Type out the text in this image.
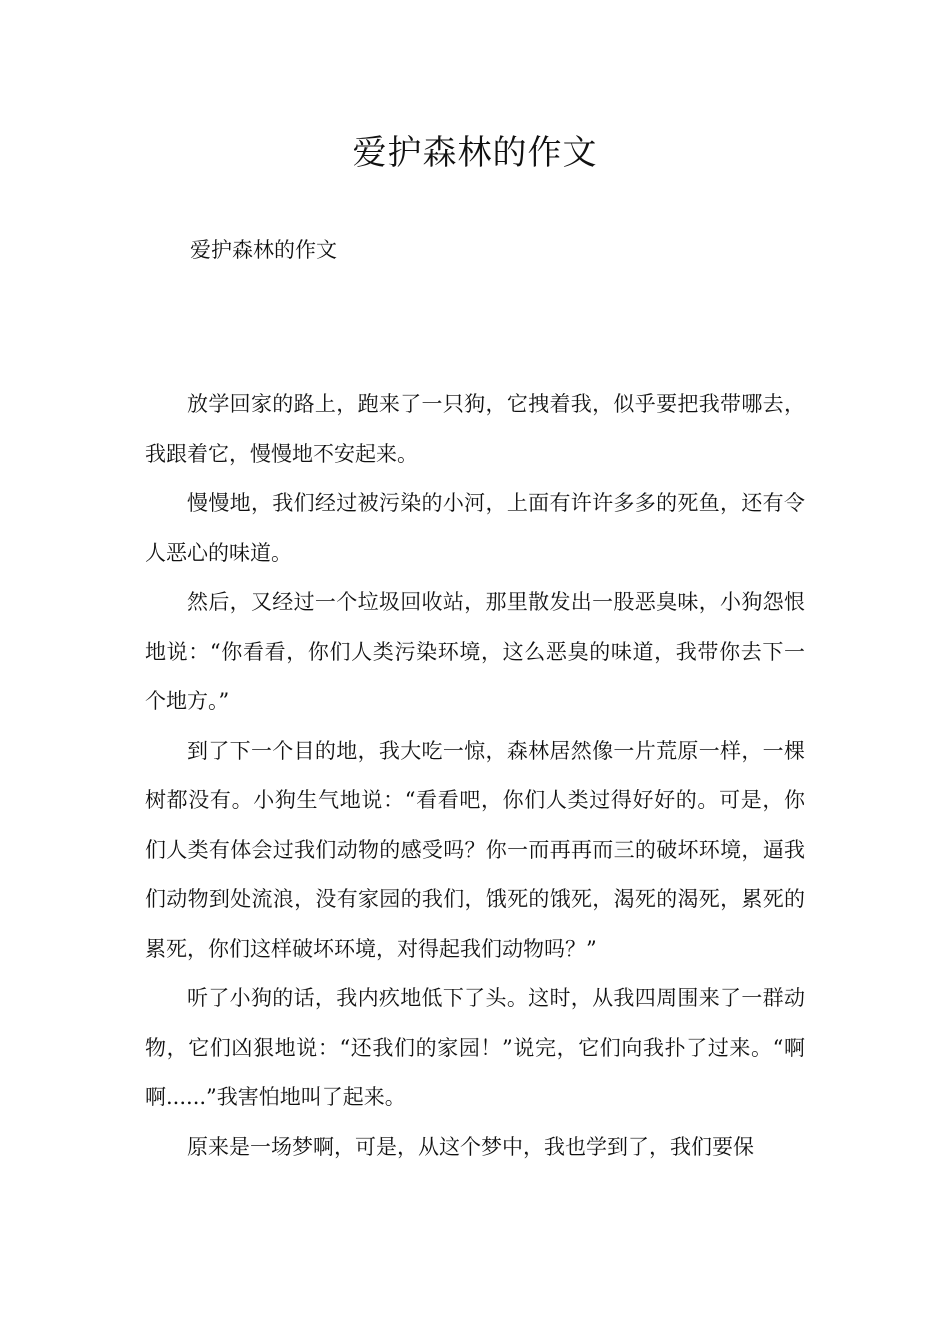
爱护森林的作文
爱护森林的作文

放学回家的路上，跑来了一只狗，它拽着我，似乎要把我带哪去，我跟着它，慢慢地不安起来。

慢慢地，我们经过被污染的小河，上面有许许多多的死鱼，还有令人恶心的味道。

然后，又经过一个垃圾回收站，那里散发出一股恶臭味，小狗怨恨地说：“你看看，你们人类污染环境，这么恶臭的味道，我带你去下一个地方。”

到了下一个目的地，我大吃一惊，森林居然像一片荒原一样，一棵树都没有。小狗生气地说：“看看吧，你们人类过得好好的。可是，你们人类有体会过我们动物的感受吗？你一而再再而三的破坏环境，逼我们动物到处流浪，没有家园的我们，饿死的饿死，渴死的渴死，累死的累死，你们这样破坏环境，对得起我们动物吗？”

听了小狗的话，我内疚地低下了头。这时，从我四周围来了一群动物，它们凶狠地说：“还我们的家园！”说完，它们向我扑了过来。“啊啊......”我害怕地叫了起来。

原来是一场梦啊，可是，从这个梦中，我也学到了，我们要保
